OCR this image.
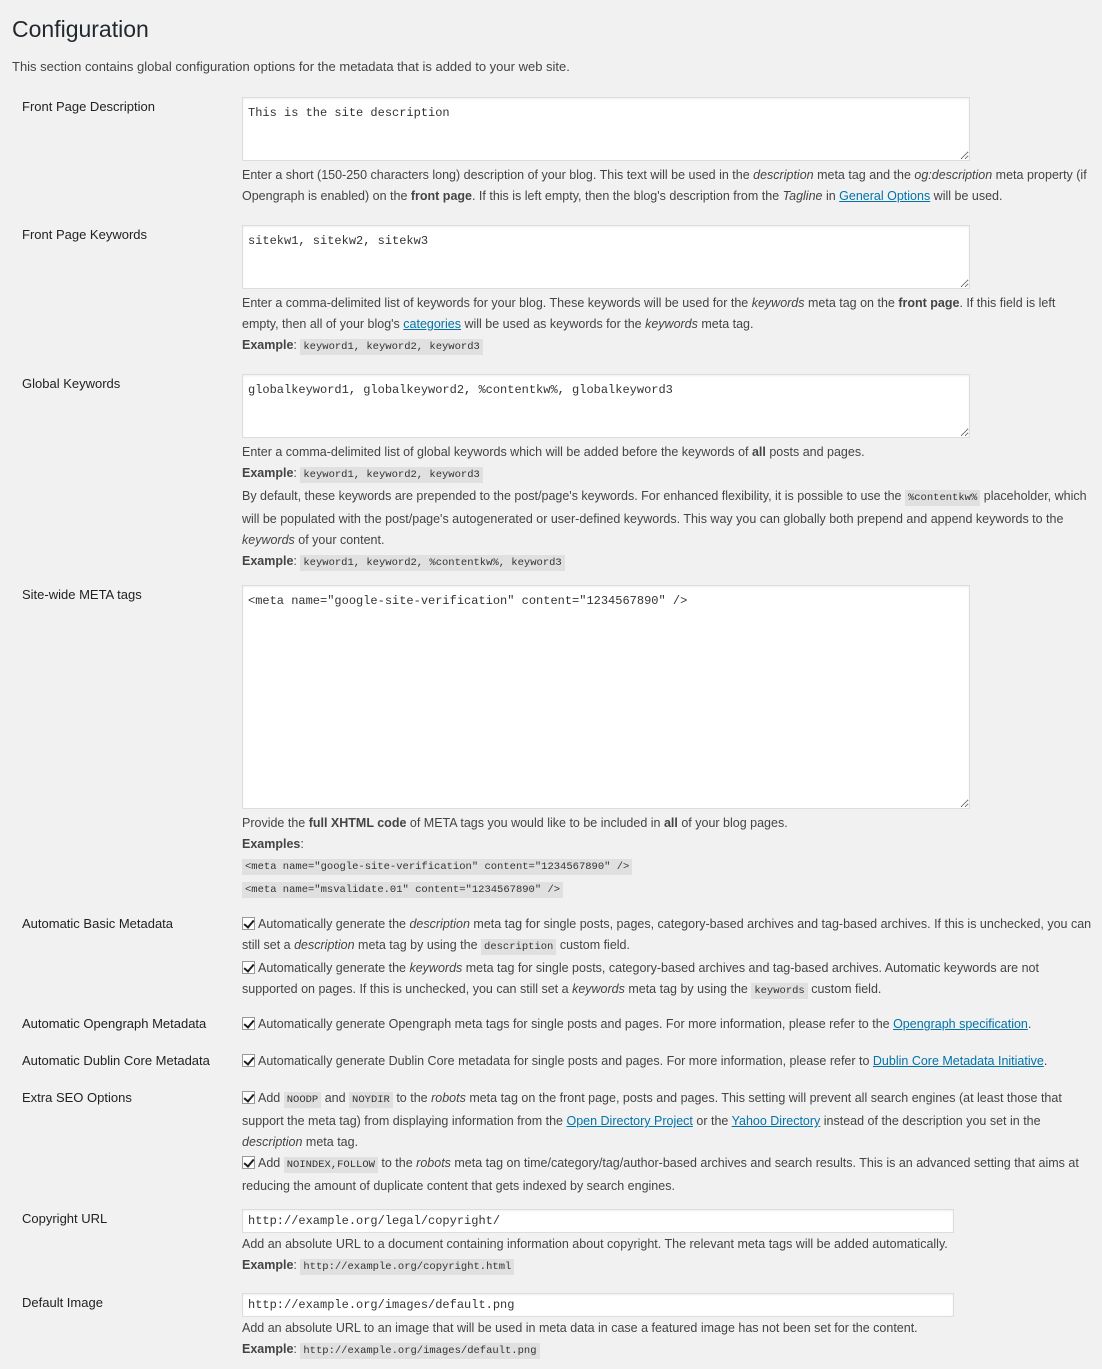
Configuration

This section contains global configuration options for the metadata that is added to your web site.

Front Page Description
This is the site description
Enter a short (150-250 characters long) description of your blog. This text will be used in the description meta tag and the og:description meta property (if Opengraph is enabled) on the front page. If this is left empty, then the blog's description from the Tagline in General Options will be used.
Front Page Keywords
sitekw1, sitekw2, sitekw3

Enter a comma-delimited list of keywords for your blog. These keywords will be used for the keywords meta tag on the front page. If this field is left empty, then all of your blog's categories will be used as keywords for the keywords meta tag.

Example: keyword1, keyword2, keyword3

Global Keywords
globalkeyword1, globalkeyword2, %contentkw%, globalkeyword3

Enter a comma-delimited list of global keywords which will be added before the keywords of all posts and pages.

Example: keyword1, keyword2, keyword3

By default, these keywords are prepended to the post/page's keywords. For enhanced flexibility, it is possible to use the %contentkw% placeholder, which will be populated with the post/page's autogenerated or user-defined keywords. This way you can globally both prepend and append keywords to the keywords of your content.

Example: keyword1, keyword2, %contentkw%, keyword3

Site-wide META tags
<meta name="google-site-verification" content="1234567890" />

Provide the full XHTML code of META tags you would like to be included in all of your blog pages.

Examples:

<meta name="google-site-verification" content="1234567890" />

<meta name="msvalidate.01" content="1234567890" />

Automatic Basic Metadata	Automatically generate the description meta tag for single posts, pages, category-based archives and tag-based archives. If this is unchecked, you can still set a description meta tag by using the description custom field.

Automatically generate the keywords meta tag for single posts, category-based archives and tag-based archives. Automatic keywords are not supported on pages. If this is unchecked, you can still set a keywords meta tag by using the keywords custom field.

Automatic Opengraph Metadata	Automatically generate Opengraph meta tags for single posts and pages. For more information, please refer to the Opengraph specification.

Automatic Dublin Core Metadata	Automatically generate Dublin Core metadata for single posts and pages. For more information, please refer to Dublin Core Metadata Initiative.

Extra SEO Options	Add NOODP and NOYDIR to the robots meta tag on the front page, posts and pages. This setting will prevent all search engines (at least those that support the meta tag) from displaying information from the Open Directory Project or the Yahoo Directory instead of the description you set in the description meta tag.

Add NOINDEX,FOLLOW to the robots meta tag on time/category/tag/author-based archives and search results. This is an advanced setting that aims at reducing the amount of duplicate content that gets indexed by search engines.

Copyright URL
http://example.org/legal/copyright/

Add an absolute URL to a document containing information about copyright. The relevant meta tags will be added automatically.

Example: http://example.org/copyright.html

Default Image
http://example.org/images/default.png

Add an absolute URL to an image that will be used in meta data in case a featured image has not been set for the content.

Example: http://example.org/images/default.png
